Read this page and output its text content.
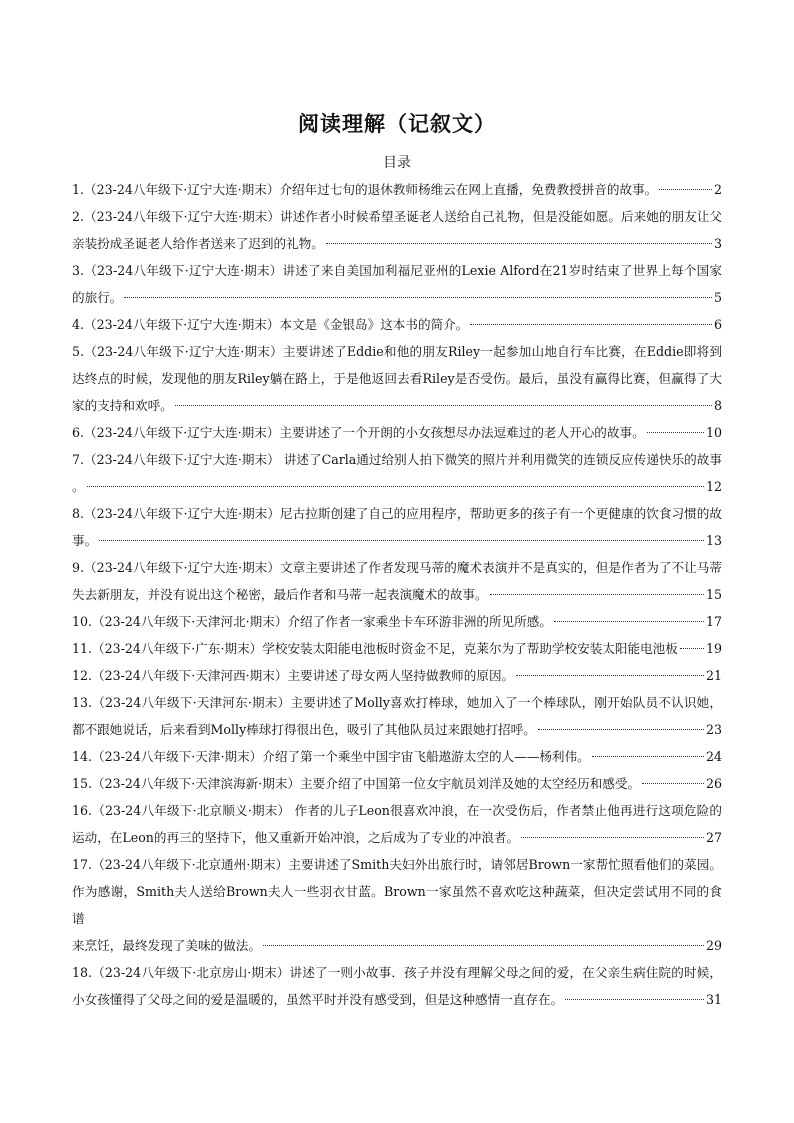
阅读理解（记叙文）
目录
1.（23-24八年级下·辽宁大连·期末）介绍年过七旬的退休教师杨维云在网上直播，免费教授拼音的故事。	2
2.（23-24八年级下·辽宁大连·期末）讲述作者小时候希望圣诞老人送给自己礼物，但是没能如愿。后来她的朋友让父
亲装扮成圣诞老人给作者送来了迟到的礼物。	3
3.（23-24八年级下·辽宁大连·期末）讲述了来自美国加利福尼亚州的Lexie Alford在21岁时结束了世界上每个国家
的旅行。	5
4.（23-24八年级下·辽宁大连·期末）本文是《金银岛》这本书的简介。	6
5.（23-24八年级下·辽宁大连·期末）主要讲述了Eddie和他的朋友Riley一起参加山地自行车比赛，在Eddie即将到达终点的时候，发现他的朋友Riley躺在路上，于是他返回去看Riley是否受伤。最后，虽没有赢得比赛，但赢得了大
家的支持和欢呼。	8
6.（23-24八年级下·辽宁大连·期末）主要讲述了一个开朗的小女孩想尽办法逗难过的老人开心的故事。	10
7.（23-24八年级下·辽宁大连·期末） 讲述了Carla通过给别人拍下微笑的照片并利用微笑的连锁反应传递快乐的故事
。	12
8.（23-24八年级下·辽宁大连·期末）尼古拉斯创建了自己的应用程序，帮助更多的孩子有一个更健康的饮食习惯的故
事。	13
9.（23-24八年级下·辽宁大连·期末）文章主要讲述了作者发现马蒂的魔术表演并不是真实的，但是作者为了不让马蒂
失去新朋友，并没有说出这个秘密，最后作者和马蒂一起表演魔术的故事。	15
10.（23-24八年级下·天津河北·期末）介绍了作者一家乘坐卡车环游非洲的所见所感。	17
11.（23-24八年级下·广东·期末）学校安装太阳能电池板时资金不足，克莱尔为了帮助学校安装太阳能电池板 19
12.（23-24八年级下·天津河西·期末）主要讲述了母女两人坚持做教师的原因。	21
13.（23-24八年级下·天津河东·期末）主要讲述了Molly喜欢打棒球，她加入了一个棒球队，刚开始队员不认识她，
都不跟她说话，后来看到Molly棒球打得很出色，吸引了其他队员过来跟她打招呼。	23
14.（23-24八年级下·天津·期末）介绍了第一个乘坐中国宇宙飞船遨游太空的人——杨利伟。	24
15.（23-24八年级下·天津滨海新·期末）主要介绍了中国第一位女宇航员刘洋及她的太空经历和感受。	26
16.（23-24八年级下·北京顺义·期末） 作者的儿子Leon很喜欢冲浪，在一次受伤后，作者禁止他再进行这项危险的
运动，在Leon的再三的坚持下，他又重新开始冲浪，之后成为了专业的冲浪者。	27
17.（23-24八年级下·北京通州·期末）主要讲述了Smith夫妇外出旅行时，请邻居Brown一家帮忙照看他们的菜园。作为感谢，Smith夫人送给Brown夫人一些羽衣甘蓝。Brown一家虽然不喜欢吃这种蔬菜，但决定尝试用不同的食谱
来烹饪，最终发现了美味的做法。	29
18.（23-24八年级下·北京房山·期末）讲述了一则小故事．孩子并没有理解父母之间的爱，在父亲生病住院的时候，
小女孩懂得了父母之间的爱是温暖的，虽然平时并没有感受到，但是这种感情一直存在。	31
